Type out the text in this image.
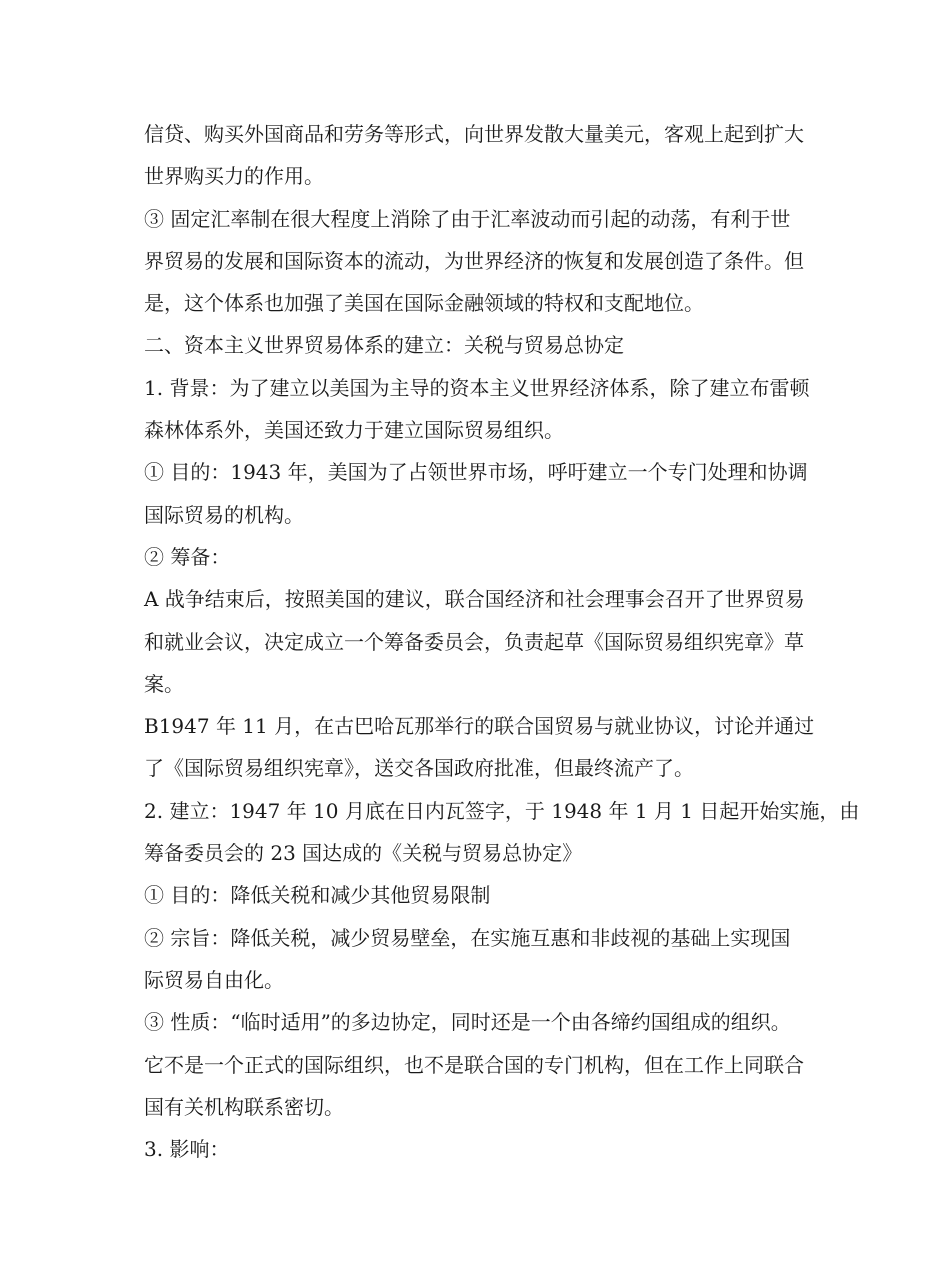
信贷、购买外国商品和劳务等形式，向世界发散大量美元，客观上起到扩大

世界购买力的作用。

③ 固定汇率制在很大程度上消除了由于汇率波动而引起的动荡，有利于世

界贸易的发展和国际资本的流动，为世界经济的恢复和发展创造了条件。但

是，这个体系也加强了美国在国际金融领域的特权和支配地位。

二、资本主义世界贸易体系的建立：关税与贸易总协定

1. 背景：为了建立以美国为主导的资本主义世界经济体系，除了建立布雷顿

森林体系外，美国还致力于建立国际贸易组织。

① 目的：1943 年，美国为了占领世界市场，呼吁建立一个专门处理和协调

国际贸易的机构。

② 筹备：

A 战争结束后，按照美国的建议，联合国经济和社会理事会召开了世界贸易

和就业会议，决定成立一个筹备委员会，负责起草《国际贸易组织宪章》草

案。

B1947 年 11 月，在古巴哈瓦那举行的联合国贸易与就业协议，讨论并通过

了《国际贸易组织宪章》，送交各国政府批准，但最终流产了。

2. 建立：1947 年 10 月底在日内瓦签字，于 1948 年 1 月 1 日起开始实施，由

筹备委员会的 23 国达成的《关税与贸易总协定》

① 目的：降低关税和减少其他贸易限制

② 宗旨：降低关税，减少贸易壁垒，在实施互惠和非歧视的基础上实现国

际贸易自由化。

③ 性质：“临时适用”的多边协定，同时还是一个由各缔约国组成的组织。

它不是一个正式的国际组织，也不是联合国的专门机构，但在工作上同联合

国有关机构联系密切。

3. 影响：
